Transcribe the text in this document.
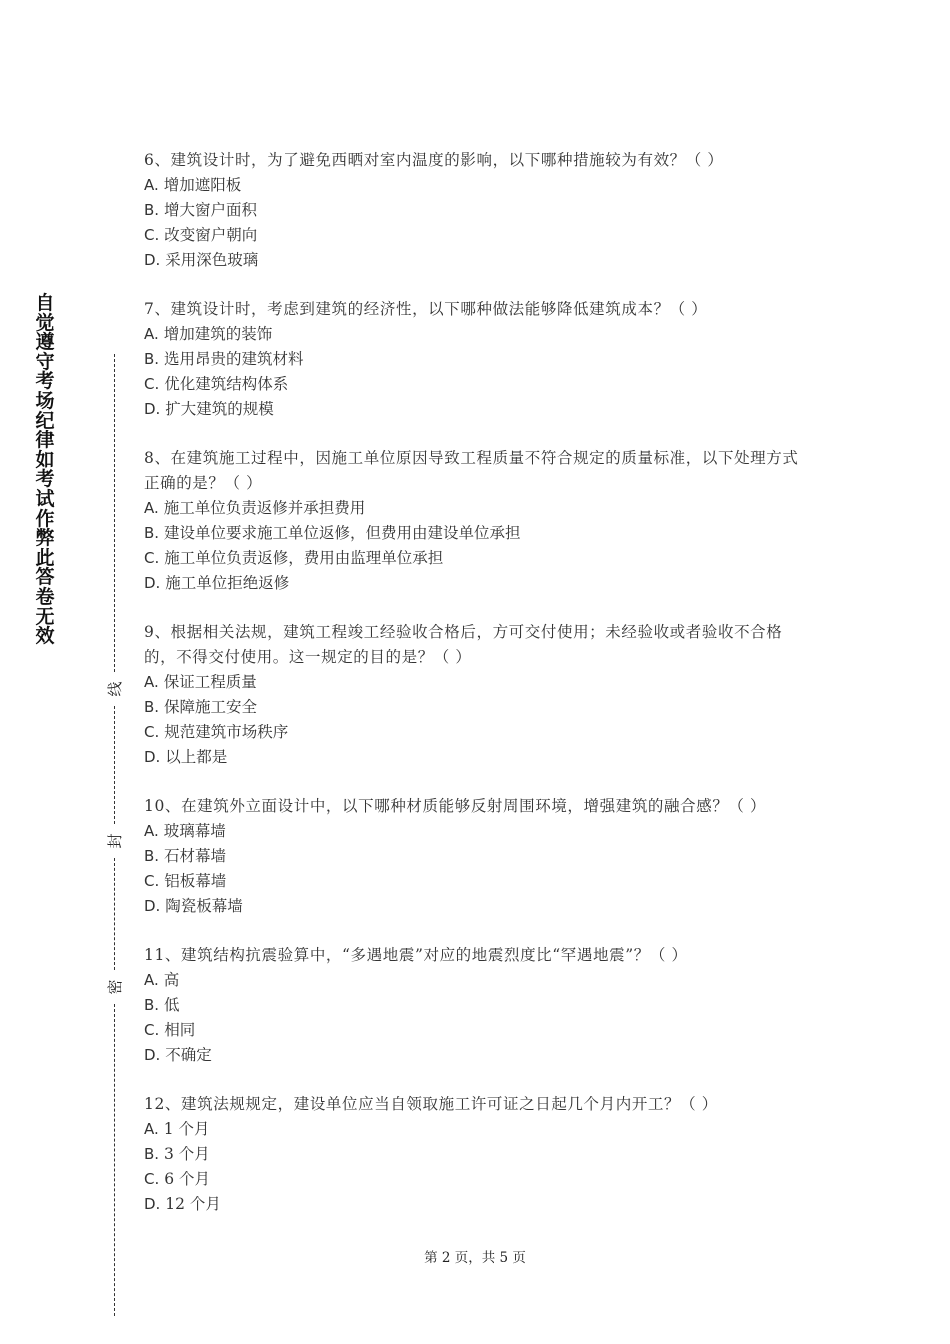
自觉遵守考场纪律如考试作弊此答卷无效
线
封
密

6、建筑设计时，为了避免西晒对室内温度的影响，以下哪种措施较为有效？（ ）

A. 增加遮阳板

B. 增大窗户面积

C. 改变窗户朝向

D. 采用深色玻璃

7、建筑设计时，考虑到建筑的经济性，以下哪种做法能够降低建筑成本？（ ）

A. 增加建筑的装饰

B. 选用昂贵的建筑材料

C. 优化建筑结构体系

D. 扩大建筑的规模

8、在建筑施工过程中，因施工单位原因导致工程质量不符合规定的质量标准，以下处理方式正确的是？（ ）

A. 施工单位负责返修并承担费用

B. 建设单位要求施工单位返修，但费用由建设单位承担

C. 施工单位负责返修，费用由监理单位承担

D. 施工单位拒绝返修

9、根据相关法规，建筑工程竣工经验收合格后，方可交付使用；未经验收或者验收不合格的，不得交付使用。这一规定的目的是？（ ）

A. 保证工程质量

B. 保障施工安全

C. 规范建筑市场秩序

D. 以上都是

10、在建筑外立面设计中，以下哪种材质能够反射周围环境，增强建筑的融合感？（ ）

A. 玻璃幕墙

B. 石材幕墙

C. 铝板幕墙

D. 陶瓷板幕墙

11、建筑结构抗震验算中，“多遇地震”对应的地震烈度比“罕遇地震”？（ ）

A. 高

B. 低

C. 相同

D. 不确定

12、建筑法规规定，建设单位应当自领取施工许可证之日起几个月内开工？（ ）

A. 1 个月

B. 3 个月

C. 6 个月

D. 12 个月

第 2 页，共 5 页
